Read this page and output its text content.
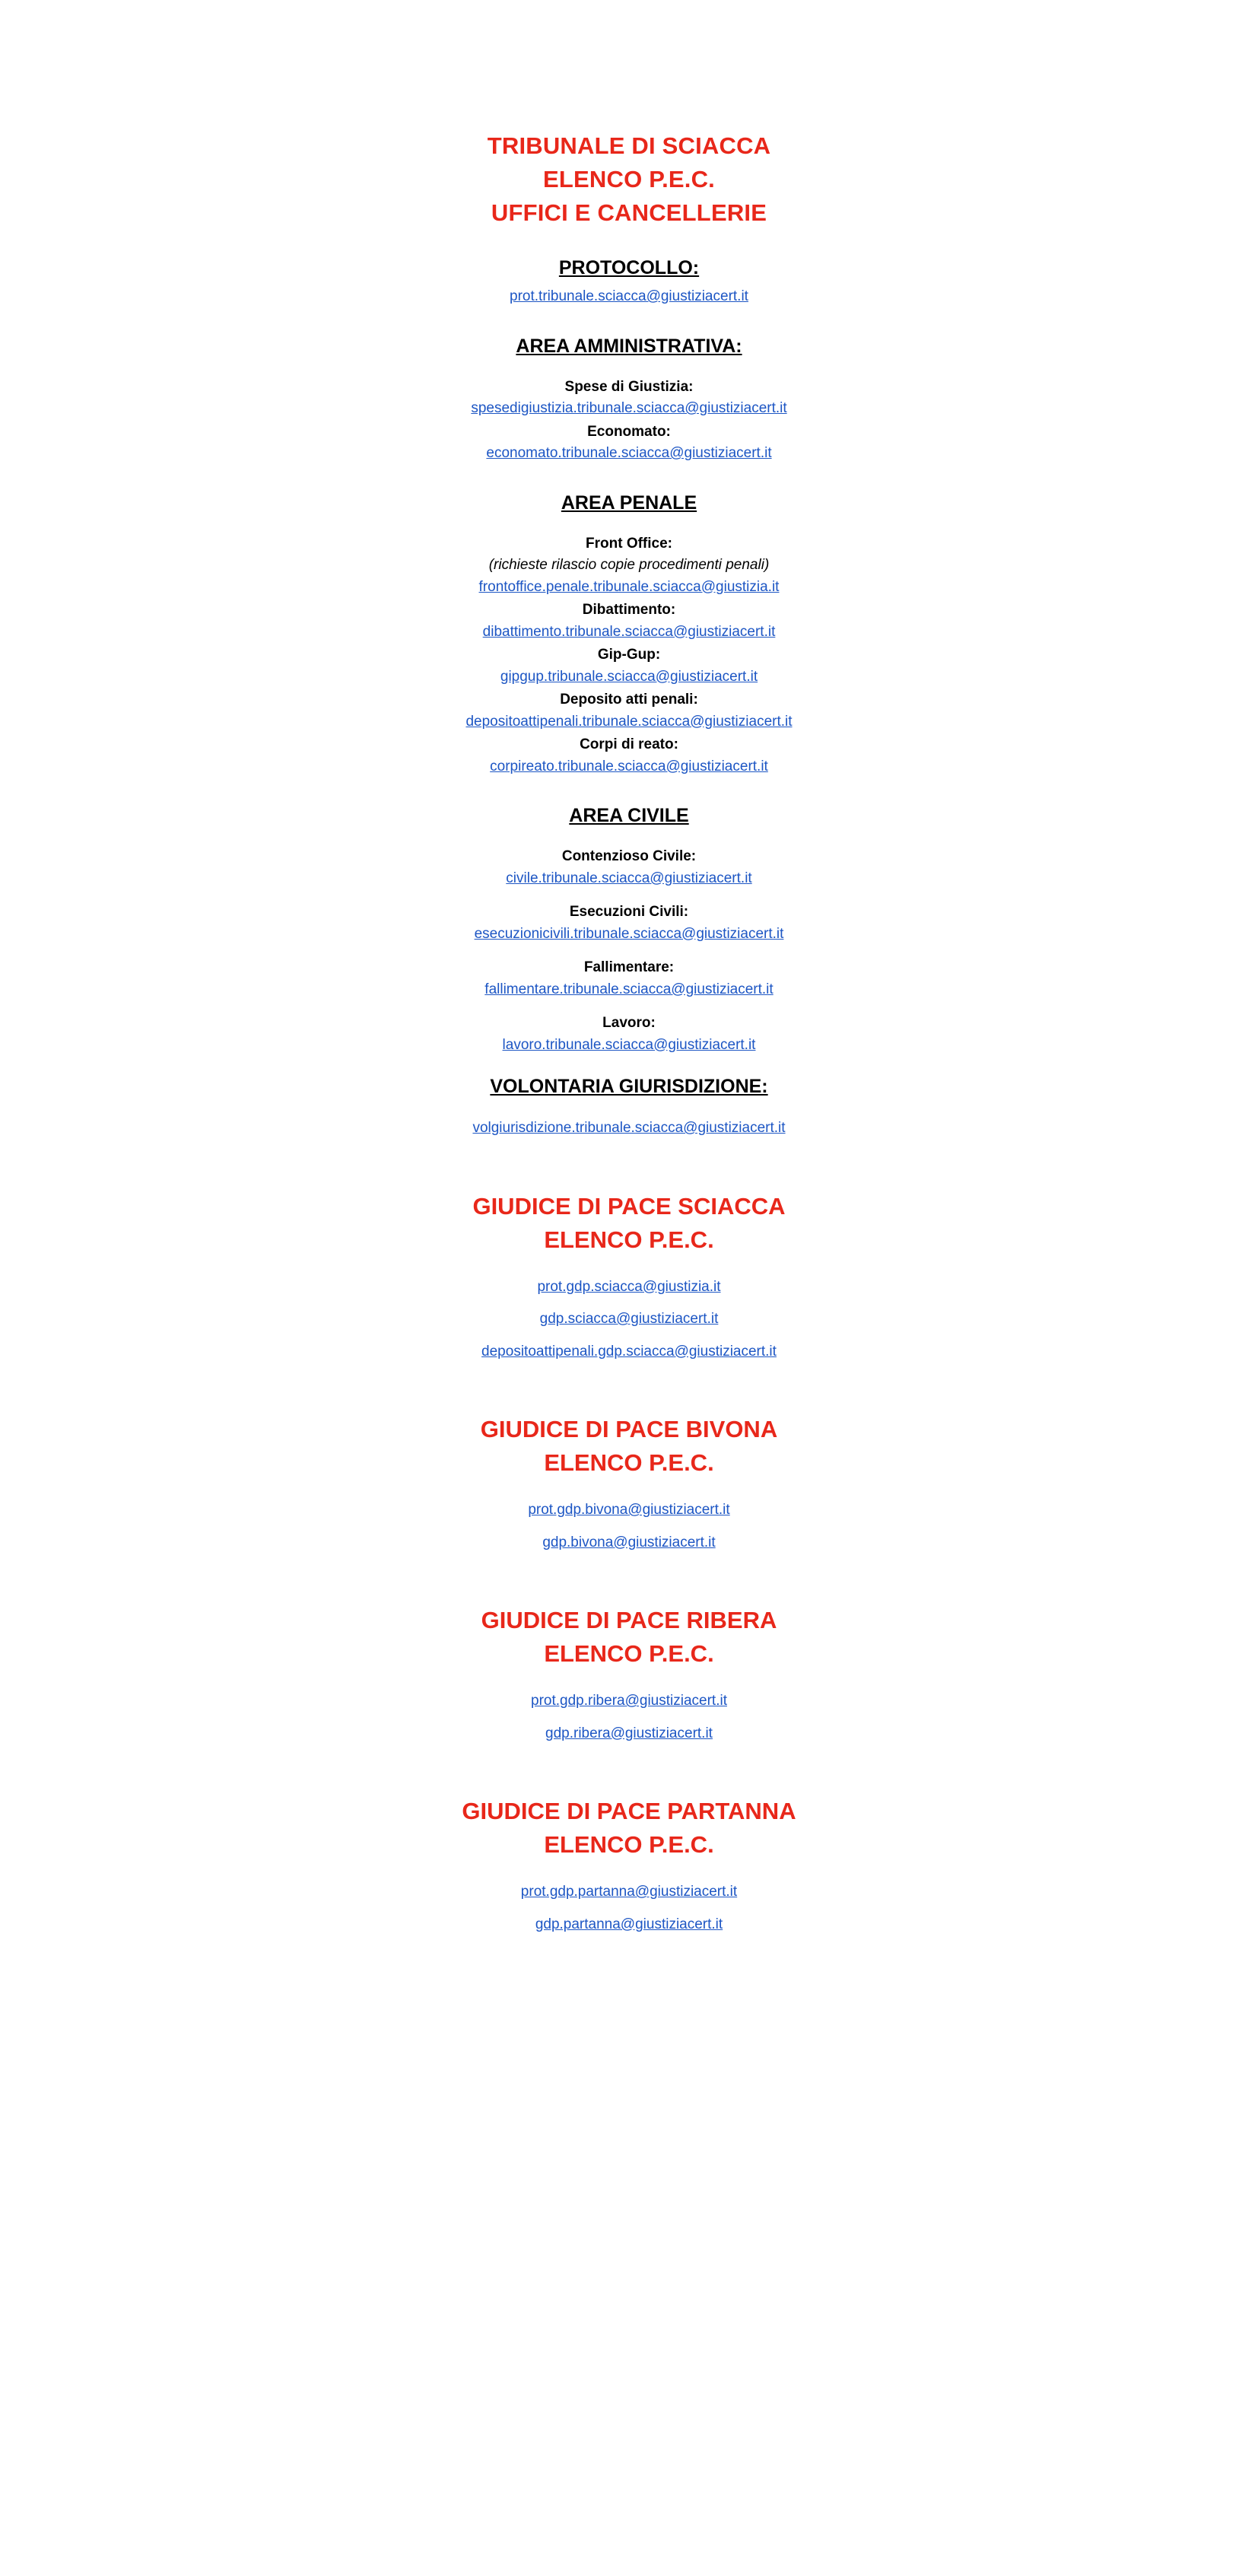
TRIBUNALE DI SCIACCA
ELENCO P.E.C.
UFFICI E CANCELLERIE
PROTOCOLLO:
prot.tribunale.sciacca@giustiziacert.it
AREA AMMINISTRATIVA:
Spese di Giustizia:
spesedigiustizia.tribunale.sciacca@giustiziacert.it
Economato:
economato.tribunale.sciacca@giustiziacert.it
AREA PENALE
Front Office:
(richieste rilascio copie procedimenti penali)
frontoffice.penale.tribunale.sciacca@giustizia.it
Dibattimento:
dibattimento.tribunale.sciacca@giustiziacert.it
Gip-Gup:
gipgup.tribunale.sciacca@giustiziacert.it
Deposito atti penali:
depositoattipenali.tribunale.sciacca@giustiziacert.it
Corpi di reato:
corpireato.tribunale.sciacca@giustiziacert.it
AREA CIVILE
Contenzioso Civile:
civile.tribunale.sciacca@giustiziacert.it
Esecuzioni Civili:
esecuzionicivili.tribunale.sciacca@giustiziacert.it
Fallimentare:
fallimentare.tribunale.sciacca@giustiziacert.it
Lavoro:
lavoro.tribunale.sciacca@giustiziacert.it
VOLONTARIA GIURISDIZIONE:
volgiurisdizione.tribunale.sciacca@giustiziacert.it
GIUDICE DI PACE SCIACCA
ELENCO P.E.C.
prot.gdp.sciacca@giustizia.it
gdp.sciacca@giustiziacert.it
depositoattipenali.gdp.sciacca@giustiziacert.it
GIUDICE DI PACE BIVONA
ELENCO P.E.C.
prot.gdp.bivona@giustiziacert.it
gdp.bivona@giustiziacert.it
GIUDICE DI PACE RIBERA
ELENCO P.E.C.
prot.gdp.ribera@giustiziacert.it
gdp.ribera@giustiziacert.it
GIUDICE DI PACE PARTANNA
ELENCO P.E.C.
prot.gdp.partanna@giustiziacert.it
gdp.partanna@giustiziacert.it
